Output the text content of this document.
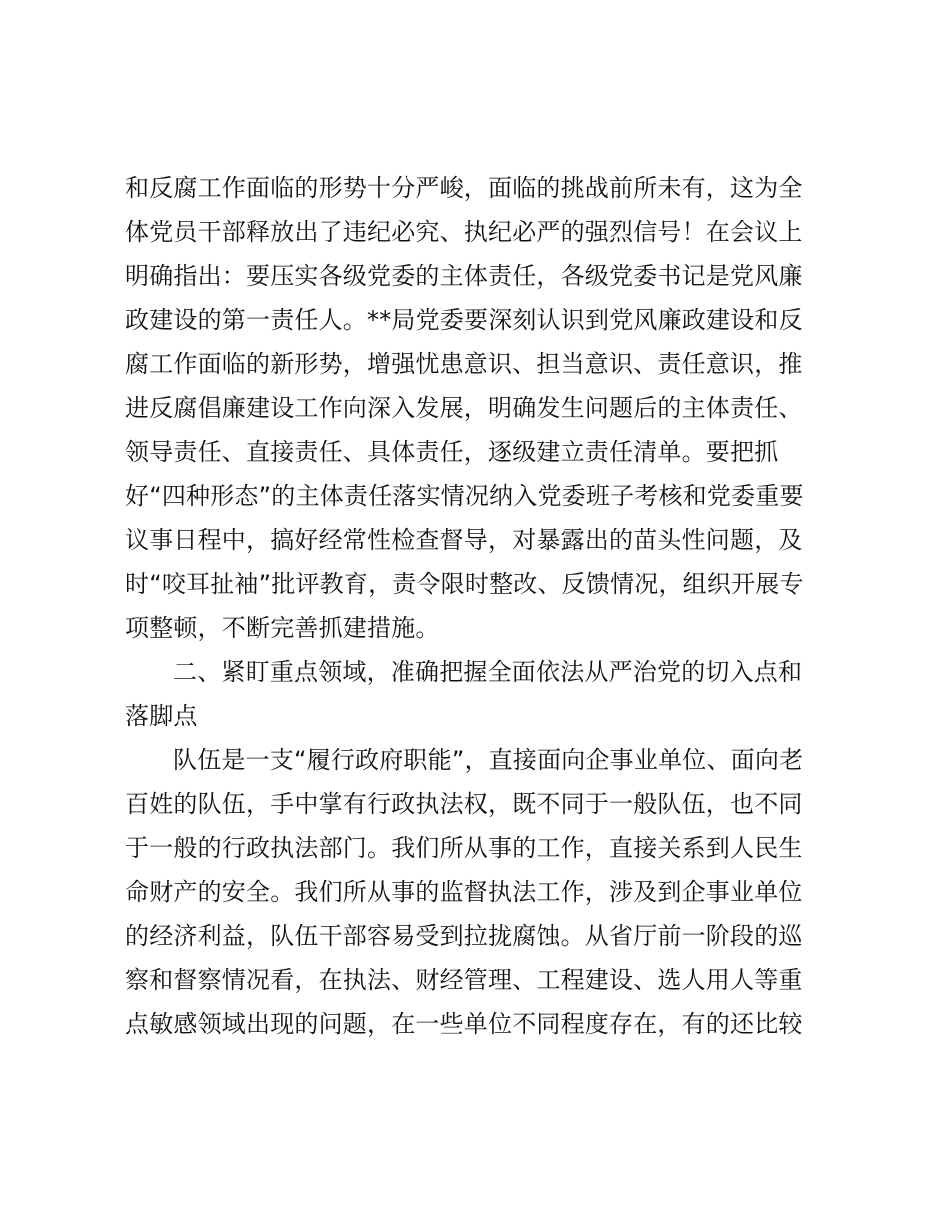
和反腐工作面临的形势十分严峻，面临的挑战前所未有，这为全
体党员干部释放出了违纪必究、执纪必严的强烈信号！在会议上
明确指出：要压实各级党委的主体责任，各级党委书记是党风廉
政建设的第一责任人。**局党委要深刻认识到党风廉政建设和反
腐工作面临的新形势，增强忧患意识、担当意识、责任意识，推
进反腐倡廉建设工作向深入发展，明确发生问题后的主体责任、
领导责任、直接责任、具体责任，逐级建立责任清单。要把抓
好“四种形态”的主体责任落实情况纳入党委班子考核和党委重要
议事日程中，搞好经常性检查督导，对暴露出的苗头性问题，及
时“咬耳扯袖”批评教育，责令限时整改、反馈情况，组织开展专
项整顿，不断完善抓建措施。
二、紧盯重点领域，准确把握全面依法从严治党的切入点和
落脚点
队伍是一支“履行政府职能”，直接面向企事业单位、面向老
百姓的队伍，手中掌有行政执法权，既不同于一般队伍，也不同
于一般的行政执法部门。我们所从事的工作，直接关系到人民生
命财产的安全。我们所从事的监督执法工作，涉及到企事业单位
的经济利益，队伍干部容易受到拉拢腐蚀。从省厅前一阶段的巡
察和督察情况看，在执法、财经管理、工程建设、选人用人等重
点敏感领域出现的问题，在一些单位不同程度存在，有的还比较
